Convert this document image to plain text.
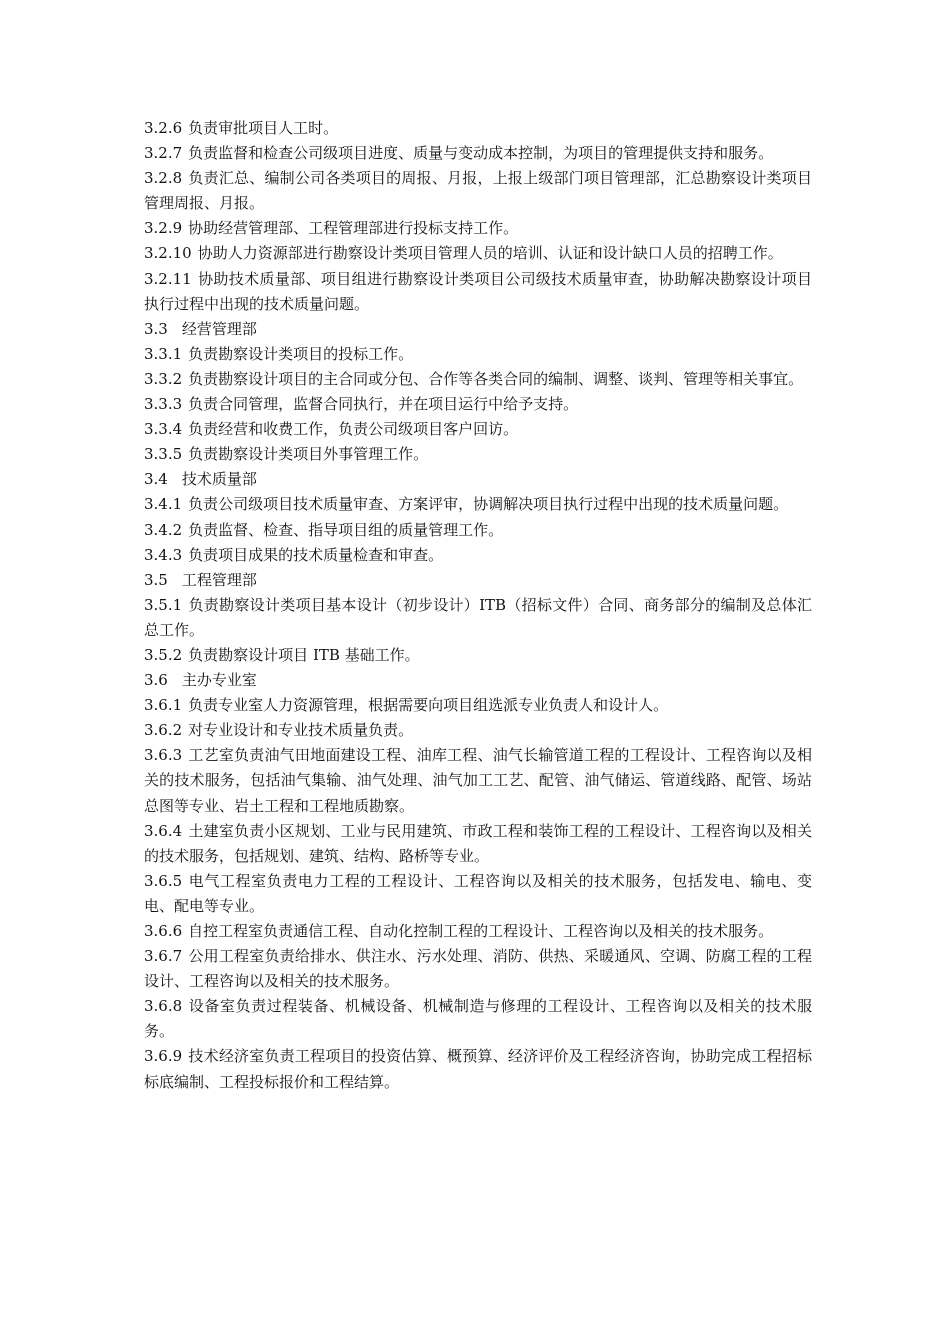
3.2.6 负责审批项目人工时。

3.2.7 负责监督和检查公司级项目进度、质量与变动成本控制，为项目的管理提供支持和服务。

3.2.8 负责汇总、编制公司各类项目的周报、月报，上报上级部门项目管理部，汇总勘察设计类项目管理周报、月报。

3.2.9 协助经营管理部、工程管理部进行投标支持工作。

3.2.10 协助人力资源部进行勘察设计类项目管理人员的培训、认证和设计缺口人员的招聘工作。

3.2.11 协助技术质量部、项目组进行勘察设计类项目公司级技术质量审查，协助解决勘察设计项目执行过程中出现的技术质量问题。

3.3 经营管理部

3.3.1 负责勘察设计类项目的投标工作。

3.3.2 负责勘察设计项目的主合同或分包、合作等各类合同的编制、调整、谈判、管理等相关事宜。

3.3.3 负责合同管理，监督合同执行，并在项目运行中给予支持。

3.3.4 负责经营和收费工作，负责公司级项目客户回访。

3.3.5 负责勘察设计类项目外事管理工作。

3.4 技术质量部

3.4.1 负责公司级项目技术质量审查、方案评审，协调解决项目执行过程中出现的技术质量问题。

3.4.2 负责监督、检查、指导项目组的质量管理工作。

3.4.3 负责项目成果的技术质量检查和审查。

3.5 工程管理部

3.5.1 负责勘察设计类项目基本设计（初步设计）ITB（招标文件）合同、商务部分的编制及总体汇总工作。

3.5.2 负责勘察设计项目 ITB 基础工作。

3.6 主办专业室

3.6.1 负责专业室人力资源管理，根据需要向项目组选派专业负责人和设计人。

3.6.2 对专业设计和专业技术质量负责。

3.6.3 工艺室负责油气田地面建设工程、油库工程、油气长输管道工程的工程设计、工程咨询以及相关的技术服务，包括油气集输、油气处理、油气加工工艺、配管、油气储运、管道线路、配管、场站总图等专业、岩土工程和工程地质勘察。

3.6.4 土建室负责小区规划、工业与民用建筑、市政工程和装饰工程的工程设计、工程咨询以及相关的技术服务，包括规划、建筑、结构、路桥等专业。

3.6.5 电气工程室负责电力工程的工程设计、工程咨询以及相关的技术服务，包括发电、输电、变电、配电等专业。

3.6.6 自控工程室负责通信工程、自动化控制工程的工程设计、工程咨询以及相关的技术服务。

3.6.7 公用工程室负责给排水、供注水、污水处理、消防、供热、采暖通风、空调、防腐工程的工程设计、工程咨询以及相关的技术服务。

3.6.8 设备室负责过程装备、机械设备、机械制造与修理的工程设计、工程咨询以及相关的技术服务。

3.6.9 技术经济室负责工程项目的投资估算、概预算、经济评价及工程经济咨询，协助完成工程招标标底编制、工程投标报价和工程结算。
